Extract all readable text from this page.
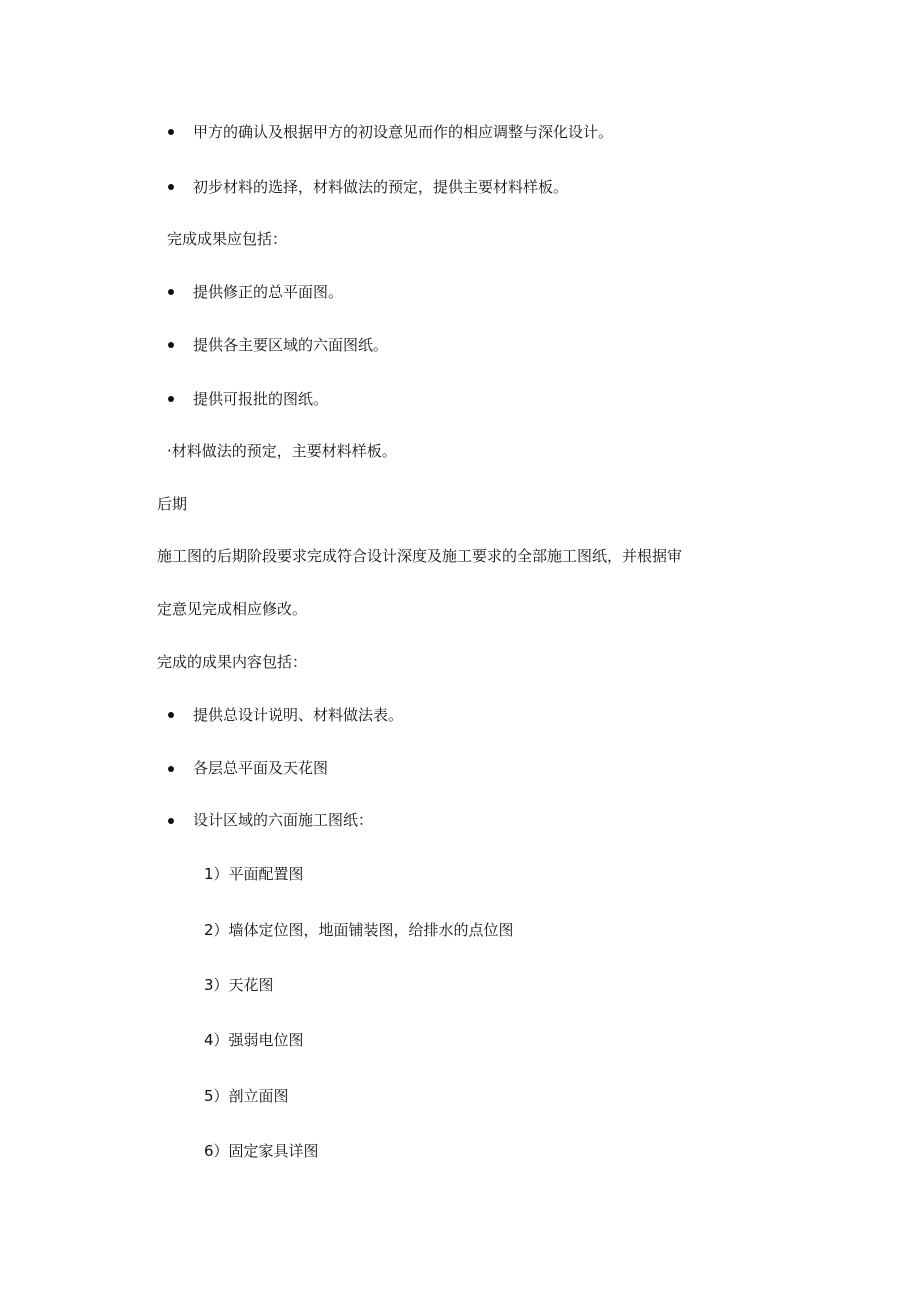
甲方的确认及根据甲方的初设意见而作的相应调整与深化设计。
初步材料的选择，材料做法的预定，提供主要材料样板。
完成成果应包括：
提供修正的总平面图。
提供各主要区域的六面图纸。
提供可报批的图纸。
·材料做法的预定，主要材料样板。
后期
施工图的后期阶段要求完成符合设计深度及施工要求的全部施工图纸，并根据审
定意见完成相应修改。
完成的成果内容包括：
提供总设计说明、材料做法表。
各层总平面及天花图
设计区域的六面施工图纸：
1）平面配置图
2）墙体定位图，地面铺装图，给排水的点位图
3）天花图
4）强弱电位图
5）剖立面图
6）固定家具详图
